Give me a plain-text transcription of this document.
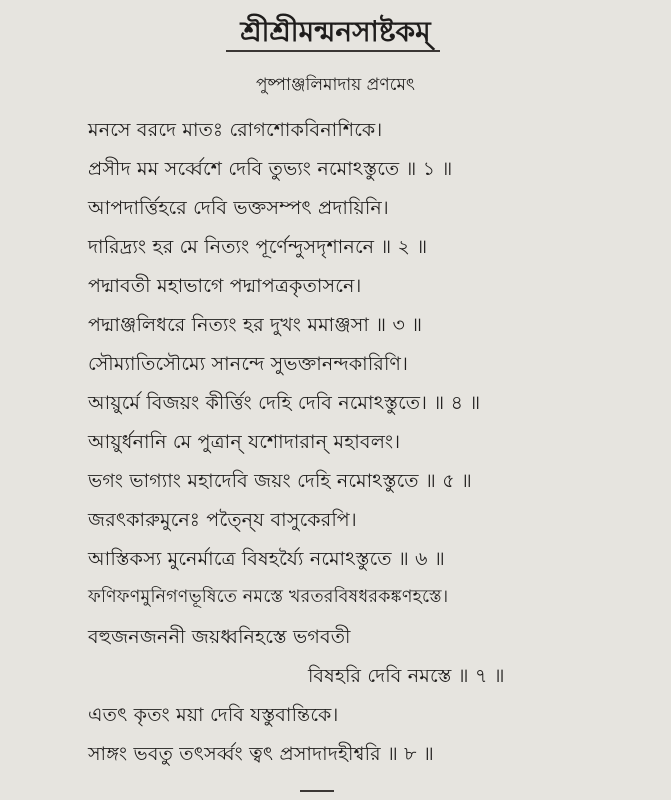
শ্রীশ্রীমন্মনসাষ্টকম্
পুষ্পাঞ্জলিমাদায় প্রণমেৎ
মনসে বরদে মাতঃ রোগশোকবিনাশিকে।
প্রসীদ মম সর্ব্বেশে দেবি তুভ্যং নমোঽস্তুতে ॥ ১ ॥
আপদার্ত্তিহরে দেবি ভক্তসম্পৎ প্রদায়িনি।
দারিদ্র্যং হর মে নিত্যং পূর্ণেন্দুসদৃশাননে ॥ ২ ॥
পদ্মাবতী মহাভাগে পদ্মাপত্রকৃতাসনে।
পদ্মাঞ্জলিধরে নিত্যং হর দুখং মমাঞ্জসা ॥ ৩ ॥
সৌম্যাতিসৌম্যে সানন্দে সুভক্তানন্দকারিণি।
আয়ুর্মে বিজয়ং কীর্ত্তিং দেহি দেবি নমোঽস্তুতে। ॥ ৪ ॥
আয়ুর্ধনানি মে পুত্রান্ যশোদারান্ মহাবলং।
ভগং ভাগ্যাং মহাদেবি জয়ং দেহি নমোঽস্তুতে ॥ ৫ ॥
জরৎকারুমুনেঃ পত্নৈ্য বাসুকেরপি।
আস্তিকস্য মুনের্মাত্রে বিষহর্য্যৈ নমোঽস্তুতে ॥ ৬ ॥
ফণিফণমুনিগণভূষিতে নমস্তে খরতরবিষধরকঙ্কণহস্তে।
বহুজনজননী জয়ধ্বনিহস্তে ভগবতী
বিষহরি দেবি নমস্তে ॥ ৭ ॥
এতৎ কৃতং ময়া দেবি যস্তুবান্তিকে।
সাঙ্গং ভবতু তৎসর্ব্বং ত্বৎ প্রসাদাদহীশ্বরি ॥ ৮ ॥
